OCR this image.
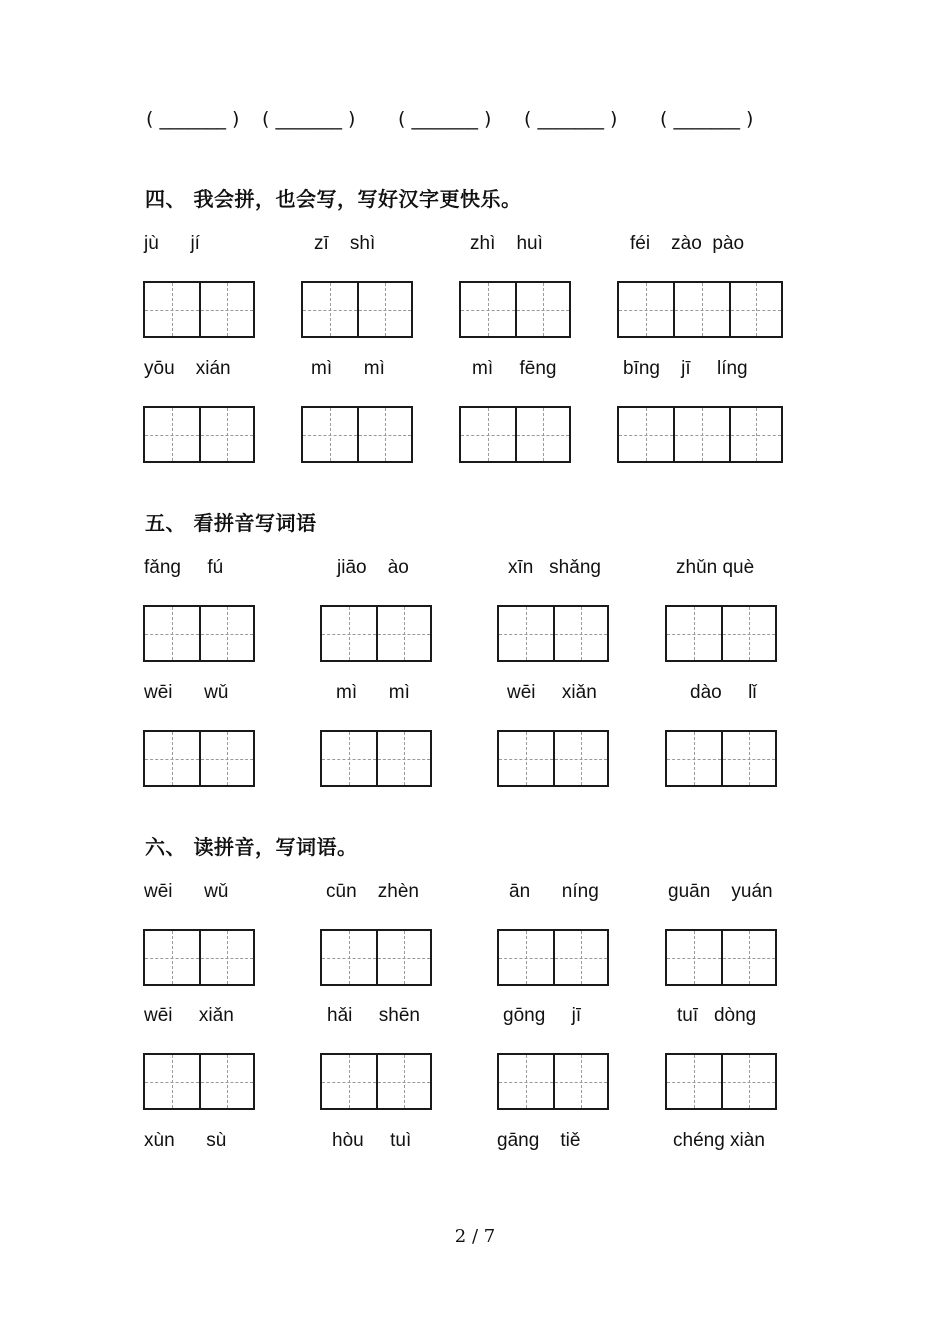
( _______ ) ( _______ ) ( _______ ) ( _______ ) ( _______ )
四、 我会拼，也会写，写好汉字更快乐。
jù      jí	zī    shì	zhì    huì	féi    zào  pào
yōu    xián	mì      mì	mì     fēng	bīng    jī     líng
五、 看拼音写词语
fǎng     fú	jiāo    ào	xīn   shǎng	zhǔn què
wēi      wǔ	mì      mì	wēi     xiǎn	dào     lǐ
六、 读拼音，写词语。
wēi      wǔ	cūn    zhèn	ān      níng	guān    yuán
wēi     xiǎn	hǎi     shēn	gōng     jī	tuī   dòng
xùn      sù	hòu     tuì	gāng    tiě	chéng xiàn
2 / 7
